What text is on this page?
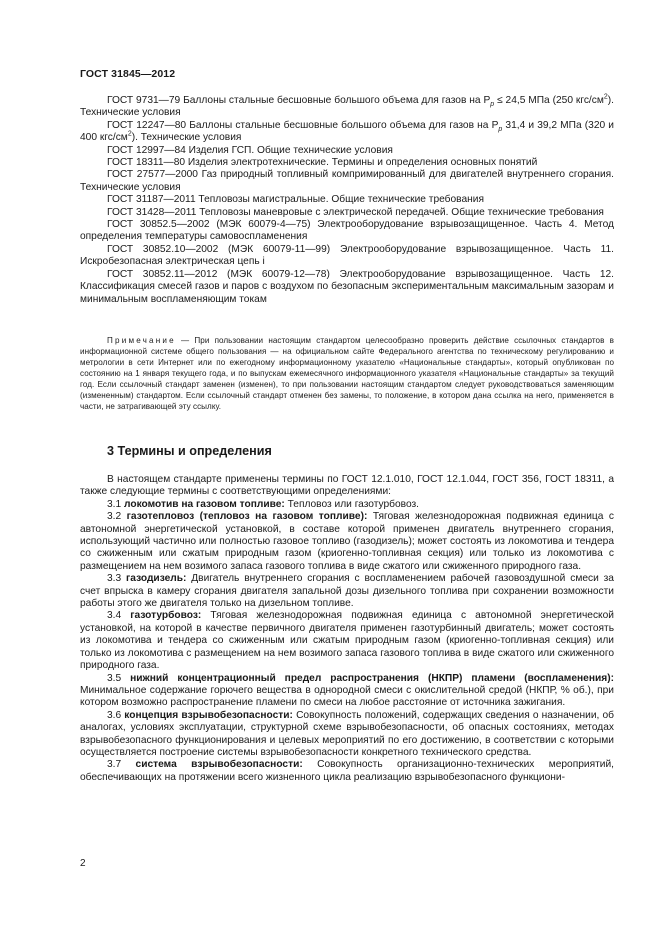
ГОСТ 31845—2012

ГОСТ 9731—79 Баллоны стальные бесшовные большого объема для газов на $Р_р \le 24,5$ МПа (250 кгс/$см^2$). Технические условия

ГОСТ 12247—80 Баллоны стальные бесшовные большого объема для газов на $Р_р$ 31,4 и 39,2 МПа (320 и 400 кгс/$см^2$). Технические условия

ГОСТ 12997—84 Изделия ГСП. Общие технические условия

ГОСТ 18311—80 Изделия электротехнические. Термины и определения основных понятий

ГОСТ 27577—2000 Газ природный топливный компримированный для двигателей внутреннего сгорания. Технические условия

ГОСТ 31187—2011 Тепловозы магистральные. Общие технические требования

ГОСТ 31428—2011 Тепловозы маневровые с электрической передачей. Общие технические требования

ГОСТ 30852.5—2002 (МЭК 60079-4—75) Электрооборудование взрывозащищенное. Часть 4. Метод определения температуры самовоспламенения

ГОСТ 30852.10—2002 (МЭК 60079-11—99) Электрооборудование взрывозащищенное. Часть 11. Искробезопасная электрическая цепь i

ГОСТ 30852.11—2012 (МЭК 60079-12—78) Электрооборудование взрывозащищенное. Часть 12. Классификация смесей газов и паров с воздухом по безопасным экспериментальным максимальным зазорам и минимальным воспламеняющим токам

Примечание — При пользовании настоящим стандартом целесообразно проверить действие ссылочных стандартов в информационной системе общего пользования — на официальном сайте Федерального агентства по техническому регулированию и метрологии в сети Интернет или по ежегодному информационному указателю «Национальные стандарты», который опубликован по состоянию на 1 января текущего года, и по выпускам ежемесячного информационного указателя «Национальные стандарты» за текущий год. Если ссылочный стандарт заменен (изменен), то при пользовании настоящим стандартом следует руководствоваться заменяющим (измененным) стандартом. Если ссылочный стандарт отменен без замены, то положение, в котором дана ссылка на него, применяется в части, не затрагивающей эту ссылку.

3 Термины и определения

В настоящем стандарте применены термины по ГОСТ 12.1.010, ГОСТ 12.1.044, ГОСТ 356, ГОСТ 18311, а также следующие термины с соответствующими определениями:

3.1 локомотив на газовом топливе: Тепловоз или газотурбовоз.

3.2 газотепловоз (тепловоз на газовом топливе): Тяговая железнодорожная подвижная единица с автономной энергетической установкой, в составе которой применен двигатель внутреннего сгорания, использующий частично или полностью газовое топливо (газодизель); может состоять из локомотива и тендера со сжиженным или сжатым природным газом (криогенно-топливная секция) или только из локомотива с размещением на нем возимого запаса газового топлива в виде сжатого или сжиженного природного газа.

3.3 газодизель: Двигатель внутреннего сгорания с воспламенением рабочей газовоздушной смеси за счет впрыска в камеру сгорания двигателя запальной дозы дизельного топлива при сохранении возможности работы этого же двигателя только на дизельном топливе.

3.4 газотурбовоз: Тяговая железнодорожная подвижная единица с автономной энергетической установкой, на которой в качестве первичного двигателя применен газотурбинный двигатель; может состоять из локомотива и тендера со сжиженным или сжатым природным газом (криогенно-топливная секция) или только из локомотива с размещением на нем возимого запаса газового топлива в виде сжатого или сжиженного природного газа.

3.5 нижний концентрационный предел распространения (НКПР) пламени (воспламенения): Минимальное содержание горючего вещества в однородной смеси с окислительной средой (НКПР, % об.), при котором возможно распространение пламени по смеси на любое расстояние от источника зажигания.

3.6 концепция взрывобезопасности: Совокупность положений, содержащих сведения о назначении, об аналогах, условиях эксплуатации, структурной схеме взрывобезопасности, об опасных состояниях, методах взрывобезопасного функционирования и целевых мероприятий по его достижению, в соответствии с которыми осуществляется построение системы взрывобезопасности конкретного технического средства.

3.7 система взрывобезопасности: Совокупность организационно-технических мероприятий, обеспечивающих на протяжении всего жизненного цикла реализацию взрывобезопасного функциони-

2
